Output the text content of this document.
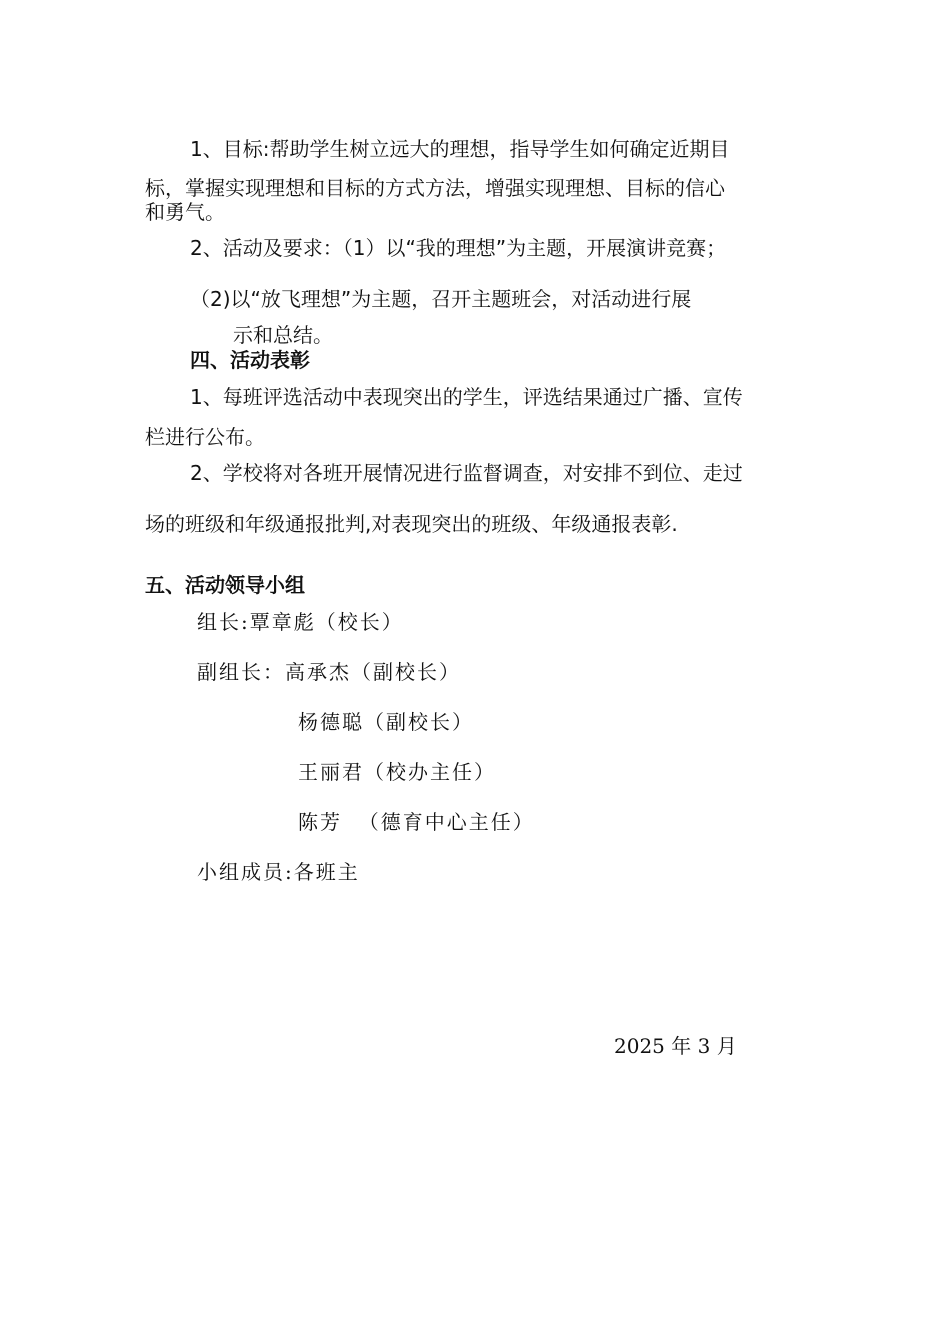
1、目标:帮助学生树立远大的理想，指导学生如何确定近期目
标，掌握实现理想和目标的方式方法，增强实现理想、目标的信心
和勇气。
2、活动及要求：（1）以“我的理想”为主题，开展演讲竞赛；
（2)以“放飞理想”为主题，召开主题班会，对活动进行展
示和总结。
四、活动表彰
1、每班评选活动中表现突出的学生，评选结果通过广播、宣传
栏进行公布。
2、学校将对各班开展情况进行监督调查，对安排不到位、走过
场的班级和年级通报批判,对表现突出的班级、年级通报表彰.
五、活动领导小组
组长:覃章彪（校长）
副组长：高承杰（副校长）
杨德聪（副校长）
王丽君（校办主任）
陈芳  （德育中心主任）
小组成员:各班主
2025 年 3 月
